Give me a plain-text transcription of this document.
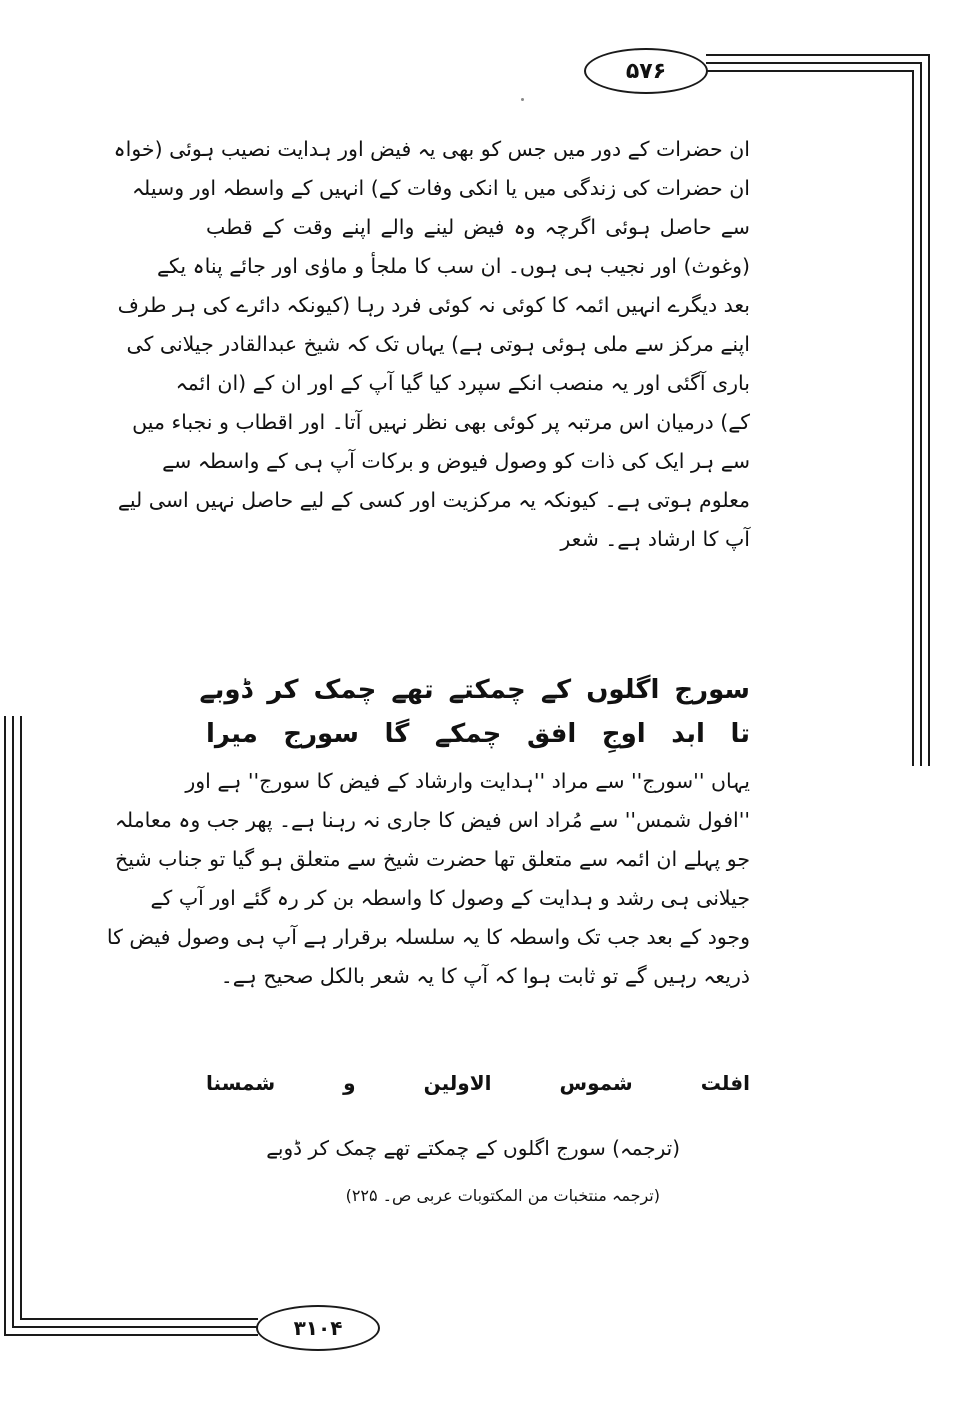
۵۷۶
۳۱۰۴
ان حضرات کے دور میں جس کو بھی یہ فیض اور ہدایت نصیب ہوئی (خواہ
ان حضرات کی زندگی میں یا انکی وفات کے) انہیں کے واسطہ اور وسیلہ
سے حاصل ہوئی اگرچہ وہ فیض لینے والے اپنے وقت کے قطب
(وغوث) اور نجیب ہی ہوں۔ ان سب کا ملجأ و ماوٰی اور جائے پناہ یکے
بعد دیگرے انہیں ائمہ کا کوئی نہ کوئی فرد رہا (کیونکہ دائرے کی ہر طرف
اپنے مرکز سے ملی ہوئی ہوتی ہے) یہاں تک کہ شیخ عبدالقادر جیلانی کی
باری آگئی اور یہ منصب انکے سپرد کیا گیا آپ کے اور ان کے (ان ائمہ
کے) درمیان اس مرتبہ پر کوئی بھی نظر نہیں آتا۔ اور اقطاب و نجباء میں
سے ہر ایک کی ذات کو وصول فیوض و برکات آپ ہی کے واسطہ سے
معلوم ہوتی ہے۔ کیونکہ یہ مرکزیت اور کسی کے لیے حاصل نہیں اسی لیے
آپ کا ارشاد ہے۔ شعر
سورج اگلوں کے چمکتے تھے چمک کر ڈوبے
تا ابد اوجِ افق چمکے گا سورج میرا
یہاں ''سورج'' سے مراد ''ہدایت وارشاد کے فیض کا سورج'' ہے اور
''افول شمس'' سے مُراد اس فیض کا جاری نہ رہنا ہے۔ پھر جب وہ معاملہ
جو پہلے ان ائمہ سے متعلق تھا حضرت شیخ سے متعلق ہو گیا تو جناب شیخ
جیلانی ہی رشد و ہدایت کے وصول کا واسطہ بن کر رہ گئے اور آپ کے
وجود کے بعد جب تک واسطہ کا یہ سلسلہ برقرار ہے آپ ہی وصول فیض کا
ذریعہ رہیں گے تو ثابت ہوا کہ آپ کا یہ شعر بالکل صحیح ہے۔
افلت
شموس
الاولین
و
شمسنا
(ترجمہ) سورج اگلوں کے چمکتے تھے چمک کر ڈوبے
(ترجمہ منتخبات من المکتوبات عربی ص۔ ۲۲۵)
